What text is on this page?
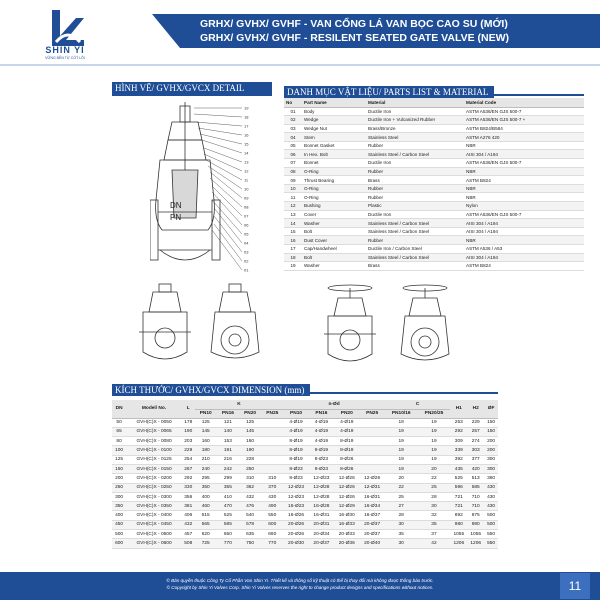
SHIN YI
VỮNG BỀN TỪ CỐT LÕI
GRHX/ GVHX/ GVHF - VAN CỔNG LÁ VAN BỌC CAO SU (MỚI)
GRHX/ GVHX/ GVHF - RESILENT SEATED GATE VALVE (NEW)
HÌNH VẼ/ GVHX/GVCX DETAIL DRAWING
DANH MỤC VẬT LIỆU/ PARTS LIST & MATERIAL
KÍCH THƯỚC/ GVHX/GVCX DIMENSION (mm)
DN
PN
19
18
17
16
15
14
13
12
11
10
09
08
07
06
05
04
03
02
01
No	Part Name	Material	Material Code
01	Body	Ductile Iron	ASTM A536/EN GJS 500-7
02	Wedge	Ductile Iron + Vulcanized Rubber	ASTM A536/EN GJS 500-7 +
03	Wedge Nut	Brass/Bronze	ASTM B824/B584
04	Stem	Stainless Steel	ASTM A276 420
05	Bonnet Gasket	Rubber	NBR
06	In Hex. Bolt	Stainless Steel / Carbon Steel	AISI 304 / A194
07	Bonnet	Ductile Iron	ASTM A536/EN GJS 500-7
08	O-Ring	Rubber	NBR
09	Thrust Bearing	Brass	ASTM B824
10	O-Ring	Rubber	NBR
11	O-Ring	Rubber	NBR
12	Bushing	Plastic	Nylon
13	Cover	Ductile Iron	ASTM A536/EN GJS 500-7
14	Washer	Stainless Steel / Carbon Steel	AISI 304 / A194
15	Bolt	Stainless Steel / Carbon Steel	AISI 304 / A194
16	Dust Cover	Rubber	NBR
17	Cap/Handwheel	Ductile Iron / Carbon Steel	ASTM A536 / A53
18	Bolt	Stainless Steel / Carbon Steel	AISI 304 / A194
19	Washer	Brass	ASTM B824
DN	Model/ No.	L	K				n-Ød				C		H1	H2	ØF
			PN10	PN16	PN20	PN25	PN10	PN16	PN20	PN25	PN10/16	PN20/25			
50	GVH(C)X - 0050	178	125	121	125		4-Ø19	4-Ø19	4-Ø19		19	19	253	229	150
65	GVH(C)X - 0065	190	145	140	145		4-Ø19	4-Ø19	4-Ø19		19	19	292	257	150
80	GVH(C)X - 0080	203	160	153	160		8-Ø19	4-Ø19	8-Ø19		19	19	309	274	200
100	GVH(C)X - 0100	229	180	191	190		8-Ø19	8-Ø19	8-Ø19		19	19	339	303	200
125	GVH(C)X - 0125	254	210	216	228		8-Ø19	8-Ø23	8-Ø26		19	19	392	377	300
150	GVH(C)X - 0150	267	240	242	250		8-Ø23	8-Ø23	8-Ø26		19	20	435	420	300
200	GVH(C)X - 0200	292	295	299	310	310	8-Ø23	12-Ø23	12-Ø26	12-Ø26	20	22	525	513	360
250	GVH(C)X - 0250	330	350	355	362	370	12-Ø23	12-Ø28	12-Ø26	12-Ø31	22	25	596	585	430
300	GVH(C)X - 0300	356	400	410	432	430	12-Ø23	12-Ø28	12-Ø26	16-Ø31	25	28	721	710	430
350	GVH(C)X - 0350	381	460	470	476	490	16-Ø23	16-Ø28	12-Ø29	16-Ø34	27	30	721	710	430
400	GVH(C)X - 0400	406	515	525	540	550	16-Ø26	16-Ø31	16-Ø30	16-Ø37	28	32	892	875	500
450	GVH(C)X - 0450	432	565	585	578	600	20-Ø26	20-Ø31	16-Ø33	20-Ø37	30	35	980	980	500
500	GVH(C)X - 0500	457	620	650	635	660	20-Ø26	20-Ø34	20-Ø33	20-Ø37	35	37	1055	1055	550
600	GVH(C)X - 0600	508	725	770	750	770	20-Ø30	20-Ø37	20-Ø36	20-Ø40	30	42	1206	1206	550
© Bản quyền thuộc Công Ty Cổ Phần Van Shin Yi. Thiết kế và thông số kỹ thuật có thể bị thay đổi mà không được thông báo trước.
© Copyright by Shin Yi Valves Corp. Shin Yi Valves reserves the right to change product designs and specifications without notices.	11
